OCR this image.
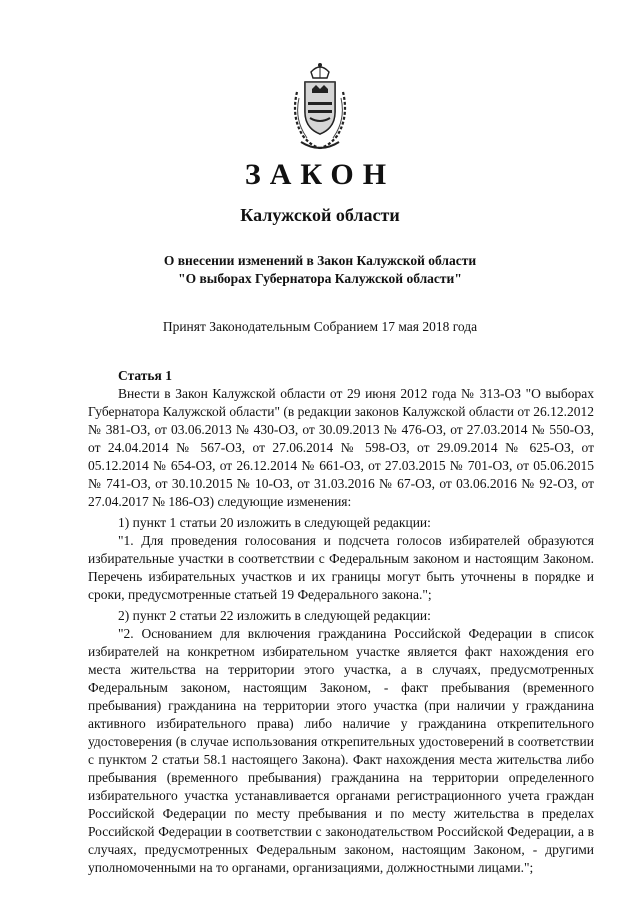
ЗАКОН
Калужской области
О внесении изменений в Закон Калужской области
"О выборах Губернатора Калужской области"
Принят Законодательным Собранием 17 мая 2018 года
Статья 1
Внести в Закон Калужской области от 29 июня 2012 года № 313-ОЗ "О выборах Губернатора Калужской области" (в редакции законов Калужской области от 26.12.2012 № 381-ОЗ, от 03.06.2013 № 430-ОЗ, от 30.09.2013 № 476-ОЗ, от 27.03.2014 № 550-ОЗ, от 24.04.2014 № 567-ОЗ, от 27.06.2014 № 598-ОЗ, от 29.09.2014 № 625-ОЗ, от 05.12.2014 № 654-ОЗ, от 26.12.2014 № 661-ОЗ, от 27.03.2015 № 701-ОЗ, от 05.06.2015 № 741-ОЗ, от 30.10.2015 № 10-ОЗ, от 31.03.2016 № 67-ОЗ, от 03.06.2016 № 92-ОЗ, от 27.04.2017 № 186-ОЗ) следующие изменения:
1) пункт 1 статьи 20 изложить в следующей редакции:
"1. Для проведения голосования и подсчета голосов избирателей образуются избирательные участки в соответствии с Федеральным законом и настоящим Законом. Перечень избирательных участков и их границы могут быть уточнены в порядке и сроки, предусмотренные статьей 19 Федерального закона.";
2) пункт 2 статьи 22 изложить в следующей редакции:
"2. Основанием для включения гражданина Российской Федерации в список избирателей на конкретном избирательном участке является факт нахождения его места жительства на территории этого участка, а в случаях, предусмотренных Федеральным законом, настоящим Законом, - факт пребывания (временного пребывания) гражданина на территории этого участка (при наличии у гражданина активного избирательного права) либо наличие у гражданина открепительного удостоверения (в случае использования открепительных удостоверений в соответствии с пунктом 2 статьи 58.1 настоящего Закона). Факт нахождения места жительства либо пребывания (временного пребывания) гражданина на территории определенного избирательного участка устанавливается органами регистрационного учета граждан Российской Федерации по месту пребывания и по месту жительства в пределах Российской Федерации в соответствии с законодательством Российской Федерации, а в случаях, предусмотренных Федеральным законом, настоящим Законом, - другими уполномоченными на то органами, организациями, должностными лицами.";
